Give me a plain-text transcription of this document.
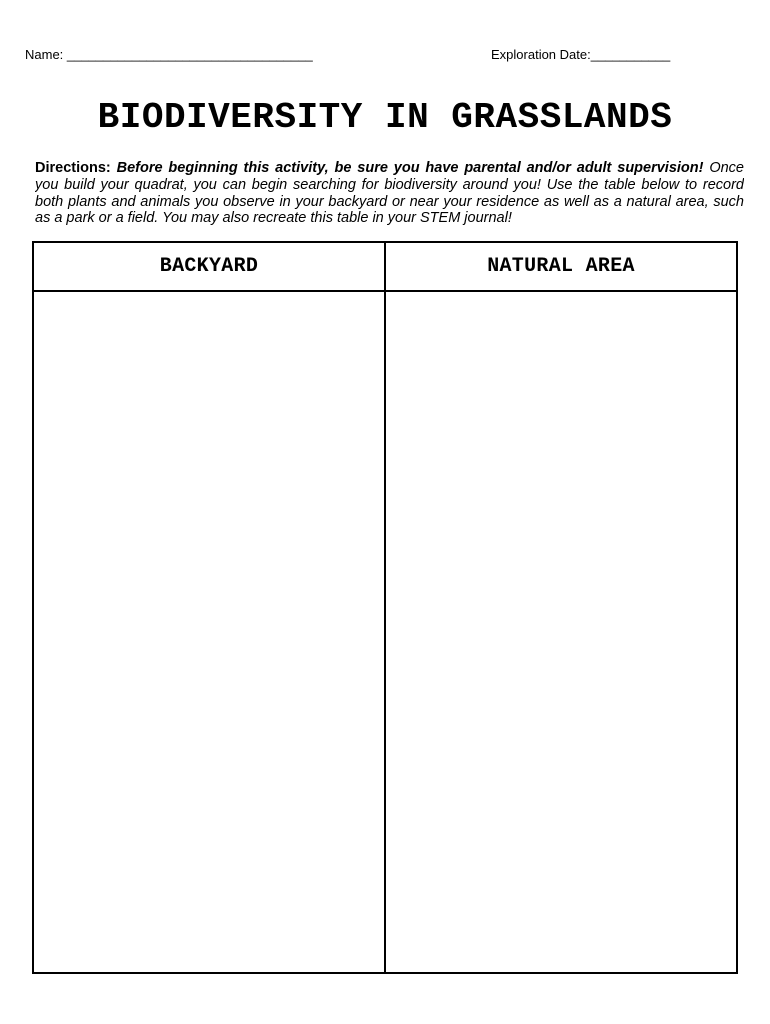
Name: __________________________________	Exploration Date:___________
BIODIVERSITY IN GRASSLANDS
Directions: Before beginning this activity, be sure you have parental and/or adult supervision! Once you build your quadrat, you can begin searching for biodiversity around you! Use the table below to record both plants and animals you observe in your backyard or near your residence as well as a natural area, such as a park or a field. You may also recreate this table in your STEM journal!
BACKYARD	NATURAL AREA
